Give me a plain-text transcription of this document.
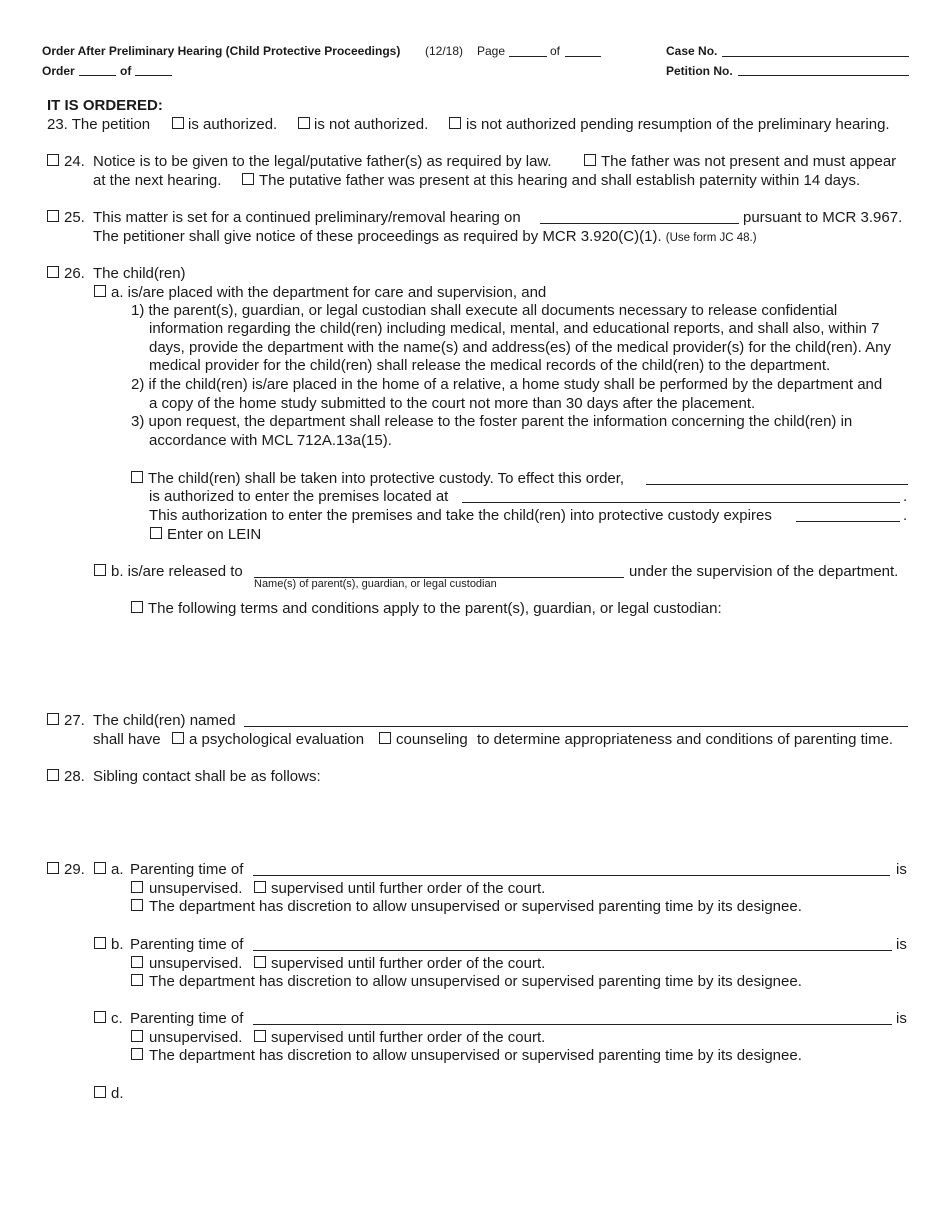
Order After Preliminary Hearing (Child Protective Proceedings) (12/18) Page	of
Order	of
Case No.
Petition No.
IT IS ORDERED:
23. The petition	is authorized. is not authorized.	is not authorized pending resumption of the preliminary hearing.
24. Notice is to be given to the legal/putative father(s) as required by law.	The father was not present and must appear
at the next hearing.	The putative father was present at this hearing and shall establish paternity within 14 days.
25. This matter is set for a continued preliminary/removal hearing on	pursuant to MCR 3.967.
The petitioner shall give notice of these proceedings as required by MCR 3.920(C)(1). (Use form JC 48.)
26. The child(ren)
a. is/are placed with the department for care and supervision, and
1) the parent(s), guardian, or legal custodian shall execute all documents necessary to release confidential
information regarding the child(ren) including medical, mental, and educational reports, and shall also, within 7
days, provide the department with the name(s) and address(es) of the medical provider(s) for the child(ren). Any
medical provider for the child(ren) shall release the medical records of the child(ren) to the department.
2) if the child(ren) is/are placed in the home of a relative, a home study shall be performed by the department and
a copy of the home study submitted to the court not more than 30 days after the placement.
3) upon request, the department shall release to the foster parent the information concerning the child(ren) in
accordance with MCL 712A.13a(15).
The child(ren) shall be taken into protective custody. To effect this order,
is authorized to enter the premises located at	.
This authorization to enter the premises and take the child(ren) into protective custody expires	.
Enter on LEIN
b. is/are released to	under the supervision of the department.
Name(s) of parent(s), guardian, or legal custodian
The following terms and conditions apply to the parent(s), guardian, or legal custodian:
27. The child(ren) named
shall have a psychological evaluation counseling to determine appropriateness and conditions of parenting time.
28. Sibling contact shall be as follows:
29. a. Parenting time of	is
unsupervised. supervised until further order of the court.
The department has discretion to allow unsupervised or supervised parenting time by its designee.
b. Parenting time of	is
unsupervised. supervised until further order of the court.
The department has discretion to allow unsupervised or supervised parenting time by its designee.
c. Parenting time of	is
unsupervised. supervised until further order of the court.
The department has discretion to allow unsupervised or supervised parenting time by its designee.
d.
